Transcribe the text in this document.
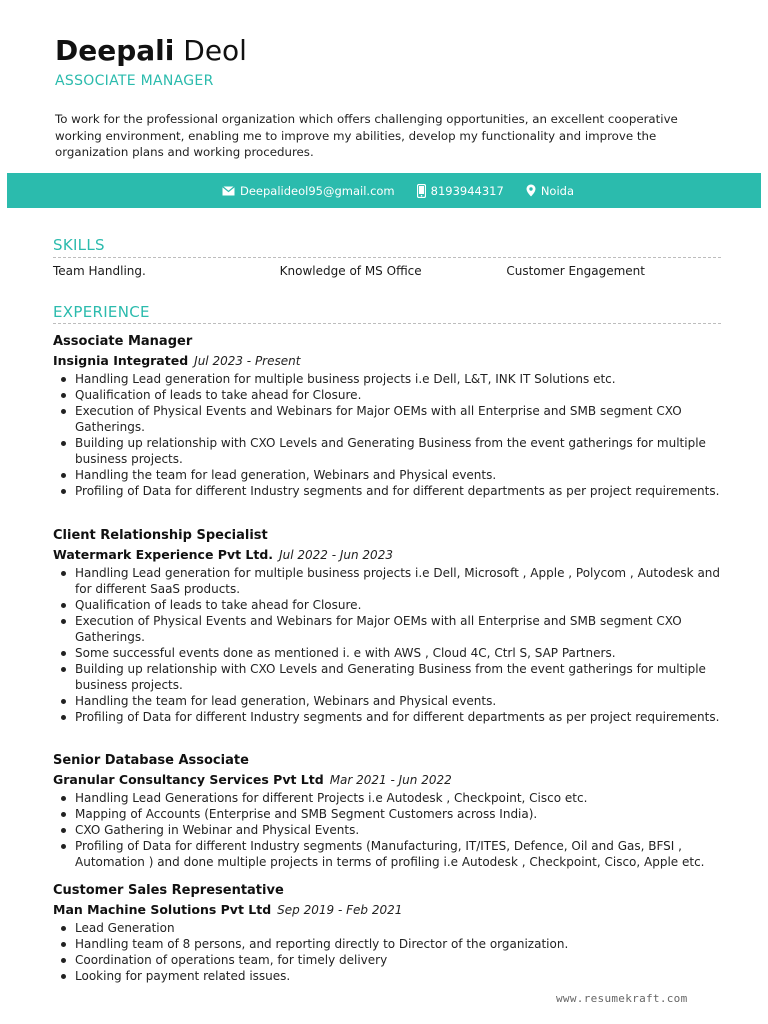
Deepali Deol
ASSOCIATE MANAGER

To work for the professional organization which offers challenging opportunities, an excellent cooperative working environment, enabling me to improve my abilities, develop my functionality and improve the organization plans and working procedures.

Deepalideol95@gmail.com	8193944317	Noida
SKILLS
Team Handling.	Knowledge of MS Office	Customer Engagement
EXPERIENCE
Associate Manager
Insignia Integrated Jul 2023 - Present
Handling Lead generation for multiple business projects i.e Dell, L&T, INK IT Solutions etc.
Qualification of leads to take ahead for Closure.
Execution of Physical Events and Webinars for Major OEMs with all Enterprise and SMB segment CXO Gatherings.
Building up relationship with CXO Levels and Generating Business from the event gatherings for multiple business projects.
Handling the team for lead generation, Webinars and Physical events.
Profiling of Data for different Industry segments and for different departments as per project requirements.
Client Relationship Specialist
Watermark Experience Pvt Ltd. Jul 2022 - Jun 2023
Handling Lead generation for multiple business projects i.e Dell, Microsoft , Apple , Polycom , Autodesk and for different SaaS products.
Qualification of leads to take ahead for Closure.
Execution of Physical Events and Webinars for Major OEMs with all Enterprise and SMB segment CXO Gatherings.
Some successful events done as mentioned i. e with AWS , Cloud 4C, Ctrl S, SAP Partners.
Building up relationship with CXO Levels and Generating Business from the event gatherings for multiple business projects.
Handling the team for lead generation, Webinars and Physical events.
Profiling of Data for different Industry segments and for different departments as per project requirements.
Senior Database Associate
Granular Consultancy Services Pvt Ltd Mar 2021 - Jun 2022
Handling Lead Generations for different Projects i.e Autodesk , Checkpoint, Cisco etc.
Mapping of Accounts (Enterprise and SMB Segment Customers across India).
CXO Gathering in Webinar and Physical Events.
Profiling of Data for different Industry segments (Manufacturing, IT/ITES, Defence, Oil and Gas, BFSI , Automation ) and done multiple projects in terms of profiling i.e Autodesk , Checkpoint, Cisco, Apple etc.
Customer Sales Representative
Man Machine Solutions Pvt Ltd Sep 2019 - Feb 2021
Lead Generation
Handling team of 8 persons, and reporting directly to Director of the organization.
Coordination of operations team, for timely delivery
Looking for payment related issues.
www.resumekraft.com
